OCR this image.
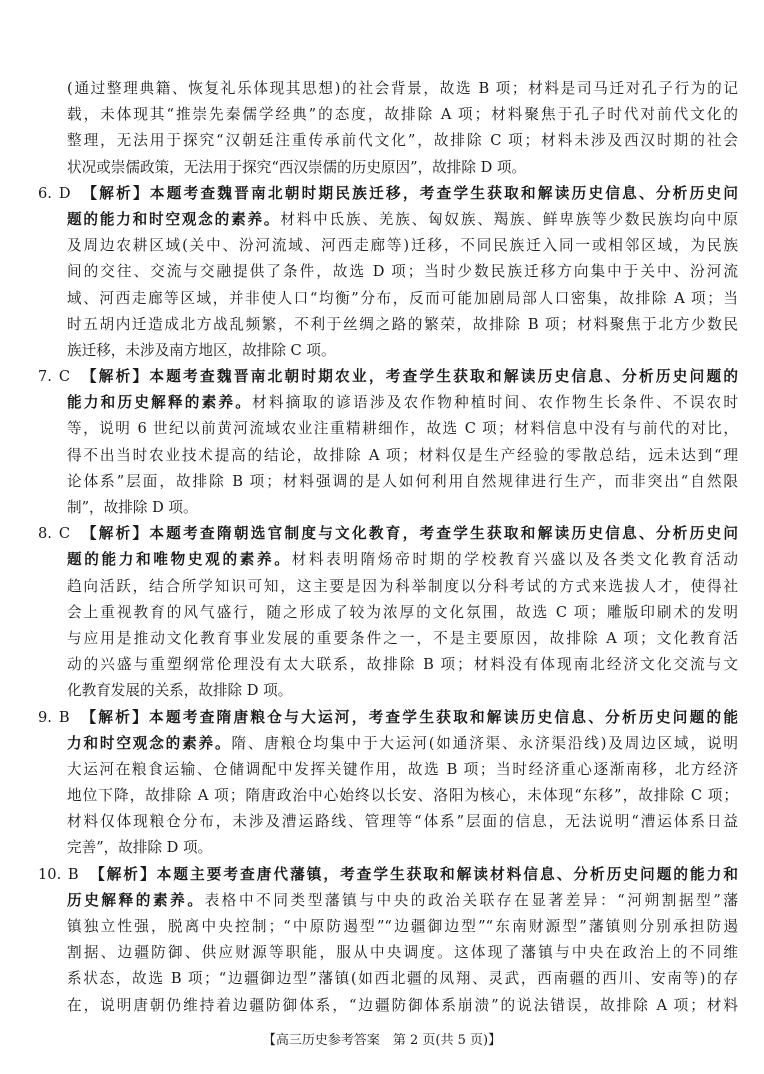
(通过整理典籍、恢复礼乐体现其思想)的社会背景，故选 B 项；材料是司马迁对孔子行为的记
载，未体现其“推崇先秦儒学经典”的态度，故排除 A 项；材料聚焦于孔子时代对前代文化的
整理，无法用于探究“汉朝廷注重传承前代文化”，故排除 C 项；材料未涉及西汉时期的社会
状况或崇儒政策，无法用于探究“西汉崇儒的历史原因”，故排除 D 项。
6. D　【解析】本题考查魏晋南北朝时期民族迁移，考查学生获取和解读历史信息、分析历史问
题的能力和时空观念的素养。材料中氐族、羌族、匈奴族、羯族、鲜卑族等少数民族均向中原
及周边农耕区域(关中、汾河流域、河西走廊等)迁移，不同民族迁入同一或相邻区域，为民族
间的交往、交流与交融提供了条件，故选 D 项；当时少数民族迁移方向集中于关中、汾河流
域、河西走廊等区域，并非使人口“均衡”分布，反而可能加剧局部人口密集，故排除 A 项；当
时五胡内迁造成北方战乱频繁，不利于丝绸之路的繁荣，故排除 B 项；材料聚焦于北方少数民
族迁移，未涉及南方地区，故排除 C 项。
7. C　【解析】本题考查魏晋南北朝时期农业，考查学生获取和解读历史信息、分析历史问题的
能力和历史解释的素养。材料摘取的谚语涉及农作物种植时间、农作物生长条件、不误农时
等，说明 6 世纪以前黄河流域农业注重精耕细作，故选 C 项；材料信息中没有与前代的对比，
得不出当时农业技术提高的结论，故排除 A 项；材料仅是生产经验的零散总结，远未达到“理
论体系”层面，故排除 B 项；材料强调的是人如何利用自然规律进行生产，而非突出“自然限
制”，故排除 D 项。
8. C　【解析】本题考查隋朝选官制度与文化教育，考查学生获取和解读历史信息、分析历史问
题的能力和唯物史观的素养。材料表明隋炀帝时期的学校教育兴盛以及各类文化教育活动
趋向活跃，结合所学知识可知，这主要是因为科举制度以分科考试的方式来选拔人才，使得社
会上重视教育的风气盛行，随之形成了较为浓厚的文化氛围，故选 C 项；雕版印刷术的发明
与应用是推动文化教育事业发展的重要条件之一，不是主要原因，故排除 A 项；文化教育活
动的兴盛与重塑纲常伦理没有太大联系，故排除 B 项；材料没有体现南北经济文化交流与文
化教育发展的关系，故排除 D 项。
9. B　【解析】本题考查隋唐粮仓与大运河，考查学生获取和解读历史信息、分析历史问题的能
力和时空观念的素养。隋、唐粮仓均集中于大运河(如通济渠、永济渠沿线)及周边区域，说明
大运河在粮食运输、仓储调配中发挥关键作用，故选 B 项；当时经济重心逐渐南移，北方经济
地位下降，故排除 A 项；隋唐政治中心始终以长安、洛阳为核心，未体现“东移”，故排除 C 项；
材料仅体现粮仓分布，未涉及漕运路线、管理等“体系”层面的信息，无法说明“漕运体系日益
完善”，故排除 D 项。
10. B　【解析】本题主要考查唐代藩镇，考查学生获取和解读材料信息、分析历史问题的能力和
历史解释的素养。表格中不同类型藩镇与中央的政治关联存在显著差异：“河朔割据型”藩
镇独立性强，脱离中央控制；“中原防遏型”“边疆御边型”“东南财源型”藩镇则分别承担防遏
割据、边疆防御、供应财源等职能，服从中央调度。这体现了藩镇与中央在政治上的不同维
系状态，故选 B 项；“边疆御边型”藩镇(如西北疆的凤翔、灵武，西南疆的西川、安南等)的存
在，说明唐朝仍维持着边疆防御体系，“边疆防御体系崩溃”的说法错误，故排除 A 项；材料
【高三历史参考答案　第 2 页(共 5 页)】
